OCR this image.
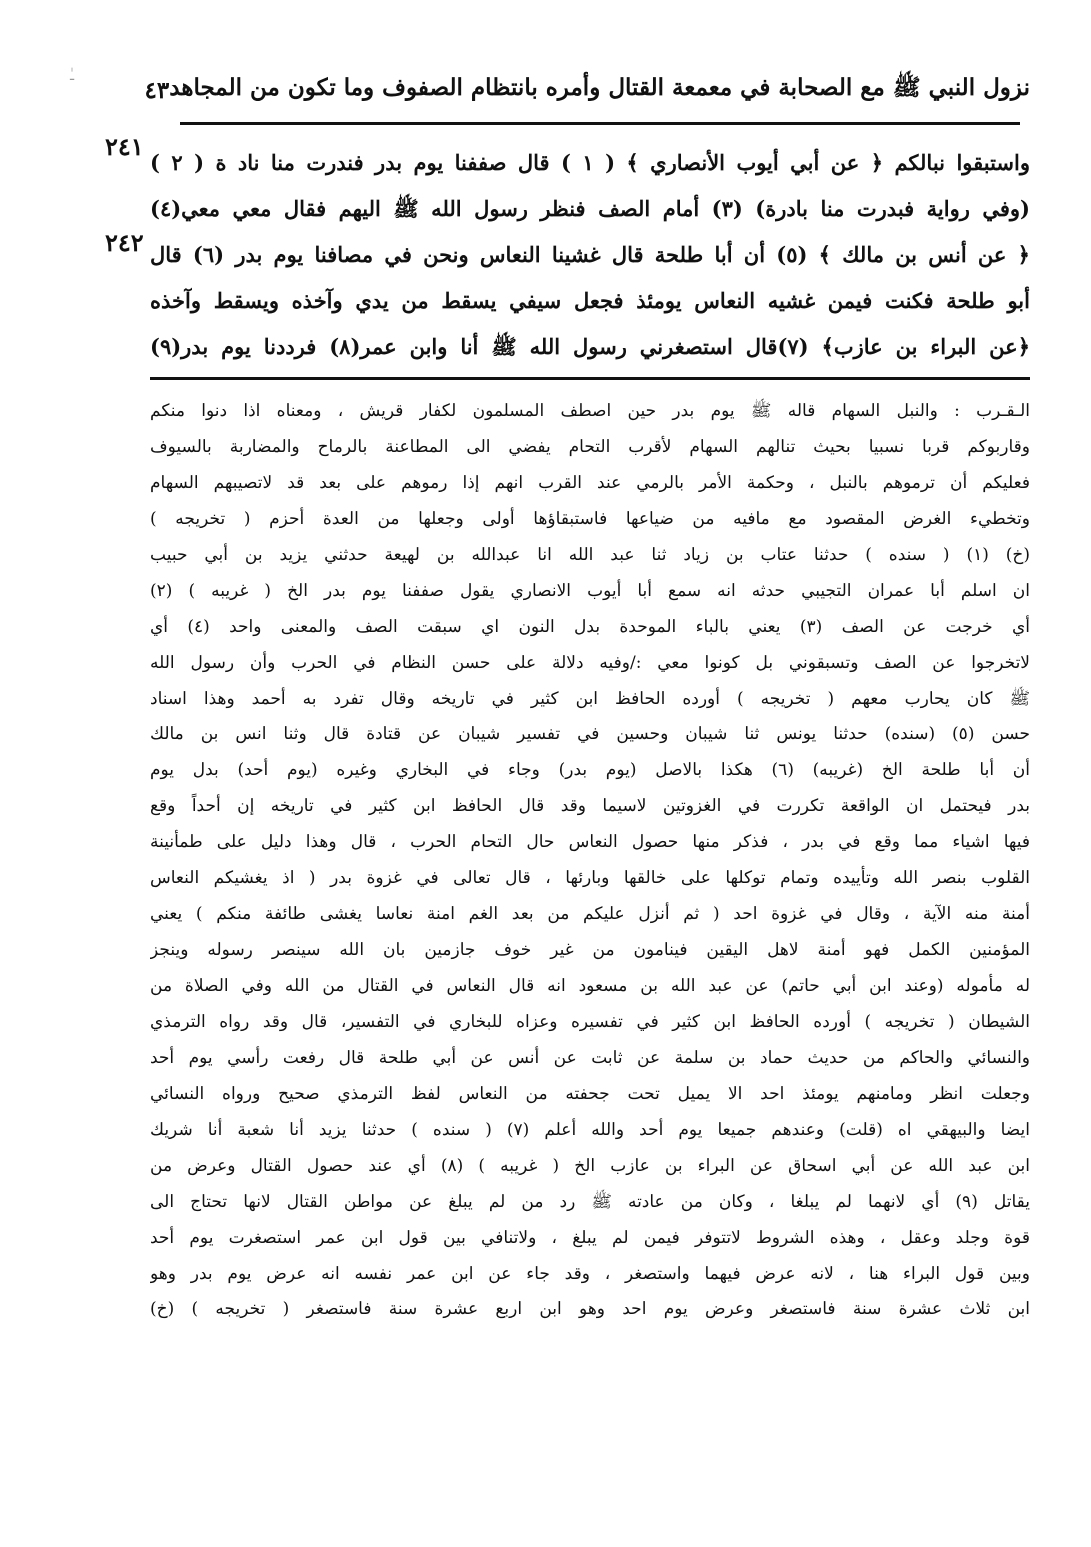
ـٰ	نزول النبي ﷺ مع الصحابة في معمعة القتال وأمره بانتظام الصفوف وما تكون من المجاهد
٤٣
٢٤١
٢٤٢
واستبقوا نبالكم ﴿ عن أبي أيوب الأنصاري ﴾ ( ١ ) قال صففنا يوم بدر فندرت منا ناد ة ( ٢ )
(وفي رواية فبدرت منا بادرة) (٣) أمام الصف فنظر رسول الله ﷺ اليهم فقال معي معي(٤)
﴿ عن أنس بن مالك ﴾ (٥) أن أبا طلحة قال غشينا النعاس ونحن في مصافنا يوم بدر (٦) قال
أبو طلحة فكنت فيمن غشيه النعاس يومئذ فجعل سيفي يسقط من يدي وآخذه ويسقط وآخذه
﴿عن البراء بن عازب﴾ (٧)قال استصغرني رسول الله ﷺ أنا وابن عمر(٨) فرددنا يوم بدر(٩)
الـقـرب : والنبل السهام قاله ﷺ يوم بدر حين اصطف المسلمون لكفار قريش ، ومعناه اذا دنوا منكم
وقاربوكم قربا نسبيا بحيث تنالهم السهام لأقرب التحام يفضي الى المطاعنة بالرماح والمضاربة بالسيوف
فعليكم أن ترموهم بالنبل ، وحكمة الأمر بالرمي عند القرب انهم إذا رموهم على بعد قد لاتصيبهم السهام
وتخطيء الغرض المقصود مع مافيه من ضياعها فاستبقاؤها أولى وجعلها من العدة أحزم ( تخريجه )
(خ) (١) ( سنده ) حدثنا عتاب بن زياد ثنا عبد الله انا عبدالله بن لهيعة حدثني يزيد بن أبي حبيب
ان اسلم أبا عمران التجيبي حدثه انه سمع أبا أيوب الانصاري يقول صففنا يوم بدر الخ ( غريبه ) (٢)
أي خرجت عن الصف (٣) يعني بالباء الموحدة بدل النون اي سبقت الصف والمعنى واحد (٤) أي
لاتخرجوا عن الصف وتسبقوني بل كونوا معي :/وفيه دلالة على حسن النظام في الحرب وأن رسول الله
ﷺ كان يحارب معهم ( تخريجه ) أورده الحافظ ابن كثير في تاريخه وقال تفرد به أحمد وهذا اسناد
حسن (٥) (سنده) حدثنا يونس ثنا شيبان وحسين في تفسير شيبان عن قتادة قال وثنا انس بن مالك
أن أبا طلحة الخ (غريبه) (٦) هكذا بالاصل (يوم بدر) وجاء في البخاري وغيره (يوم أحد) بدل يوم
بدر فيحتمل ان الواقعة تكررت في الغزوتين لاسيما وقد قال الحافظ ابن كثير في تاريخه إن أحداً وقع
فيها اشياء مما وقع في بدر ، فذكر منها حصول النعاس حال التحام الحرب ، قال وهذا دليل على طمأنينة
القلوب بنصر الله وتأييده وتمام توكلها على خالقها وبارئها ، قال تعالى في غزوة بدر ( اذ يغشيكم النعاس
أمنة منه الآية ، وقال في غزوة احد ( ثم أنزل عليكم من بعد الغم امنة نعاسا يغشى طائفة منكم ) يعني
المؤمنين الكمل فهو أمنة لاهل اليقين فينامون من غير خوف جازمين بان الله سينصر رسوله وينجز
له مأموله (وعند ابن أبي حاتم) عن عبد الله بن مسعود انه قال النعاس في القتال من الله وفي الصلاة من
الشيطان ( تخريجه ) أورده الحافظ ابن كثير في تفسيره وعزاه للبخاري في التفسير، قال وقد رواه الترمذي
والنسائي والحاكم من حديث حماد بن سلمة عن ثابت عن أنس عن أبي طلحة قال رفعت رأسي يوم أحد
وجعلت انظر ومامنهم يومئذ احد الا يميل تحت جحفته من النعاس لفظ الترمذي صحيح ورواه النسائي
ايضا والبيهقي اه (قلت) وعندهم جميعا يوم أحد والله أعلم (٧) ( سنده ) حدثنا يزيد أنا شعبة أنا شريك
ابن عبد الله عن أبي اسحاق عن البراء بن عازب الخ ( غريبه ) (٨) أي عند حصول القتال وعرض من
يقاتل (٩) أي لانهما لم يبلغا ، وكان من عادته ﷺ رد من لم يبلغ عن مواطن القتال لانها تحتاج الى
قوة وجلد وعقل ، وهذه الشروط لاتتوفر فيمن لم يبلغ ، ولاتنافي بين قول ابن عمر استصغرت يوم أحد
وبين قول البراء هنا ، لانه عرض فيهما واستصغر ، وقد جاء عن ابن عمر نفسه انه عرض يوم بدر وهو
ابن ثلاث عشرة سنة فاستصغر وعرض يوم احد وهو ابن اربع عشرة سنة فاستصغر ( تخريجه ) (خ)
